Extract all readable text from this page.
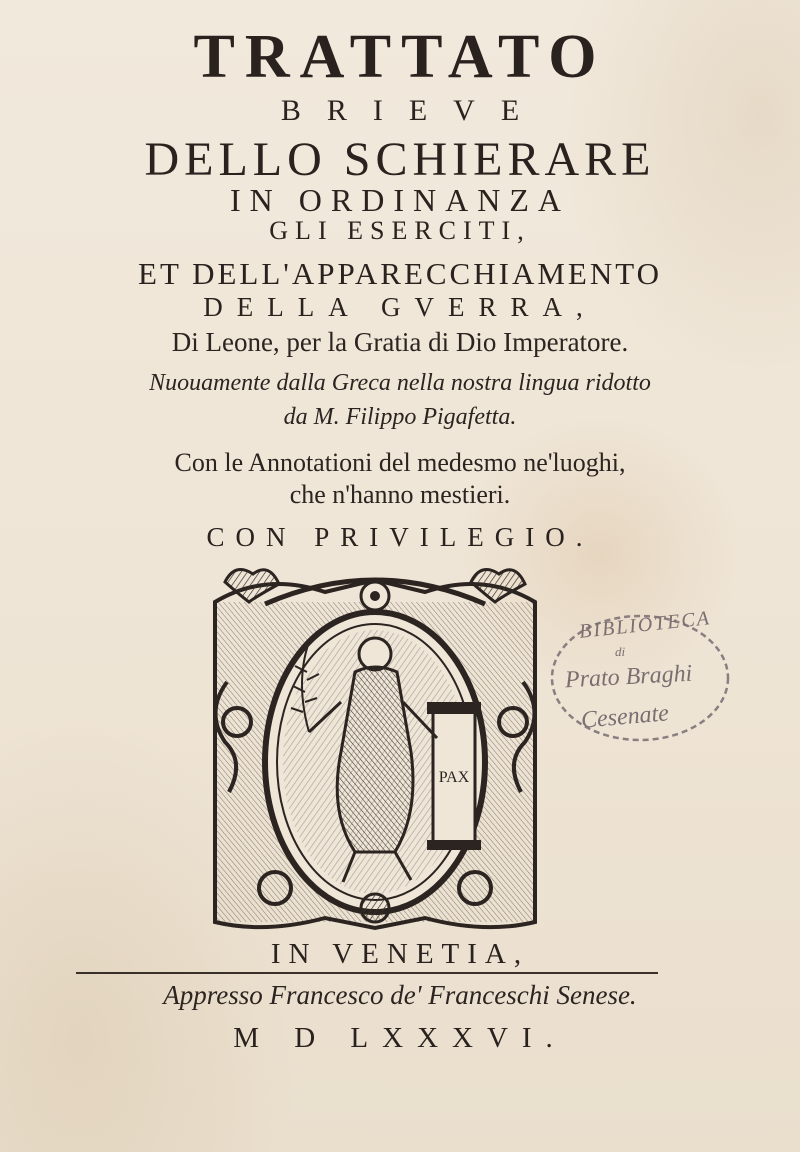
TRATTATO
BRIEVE
DELLO SCHIERARE
IN ORDINANZA
GLI ESERCITI,
ET DELL'APPARECCHIAMENTO
DELLA GVERRA,
Di Leone, per la Gratia di Dio Imperatore.
Nuouamente dalla Greca nella nostra lingua ridotto
da M. Filippo Pigafetta.
Con le Annotationi del medesmo ne'luoghi,
che n'hanno mestieri.
CON PRIVILEGIO.
PAX
BIBLIOTECA
di
Prato Braghi
Cesenate
IN VENETIA,
Appresso Francesco de' Franceschi Senese.
M D LXXXVI.
